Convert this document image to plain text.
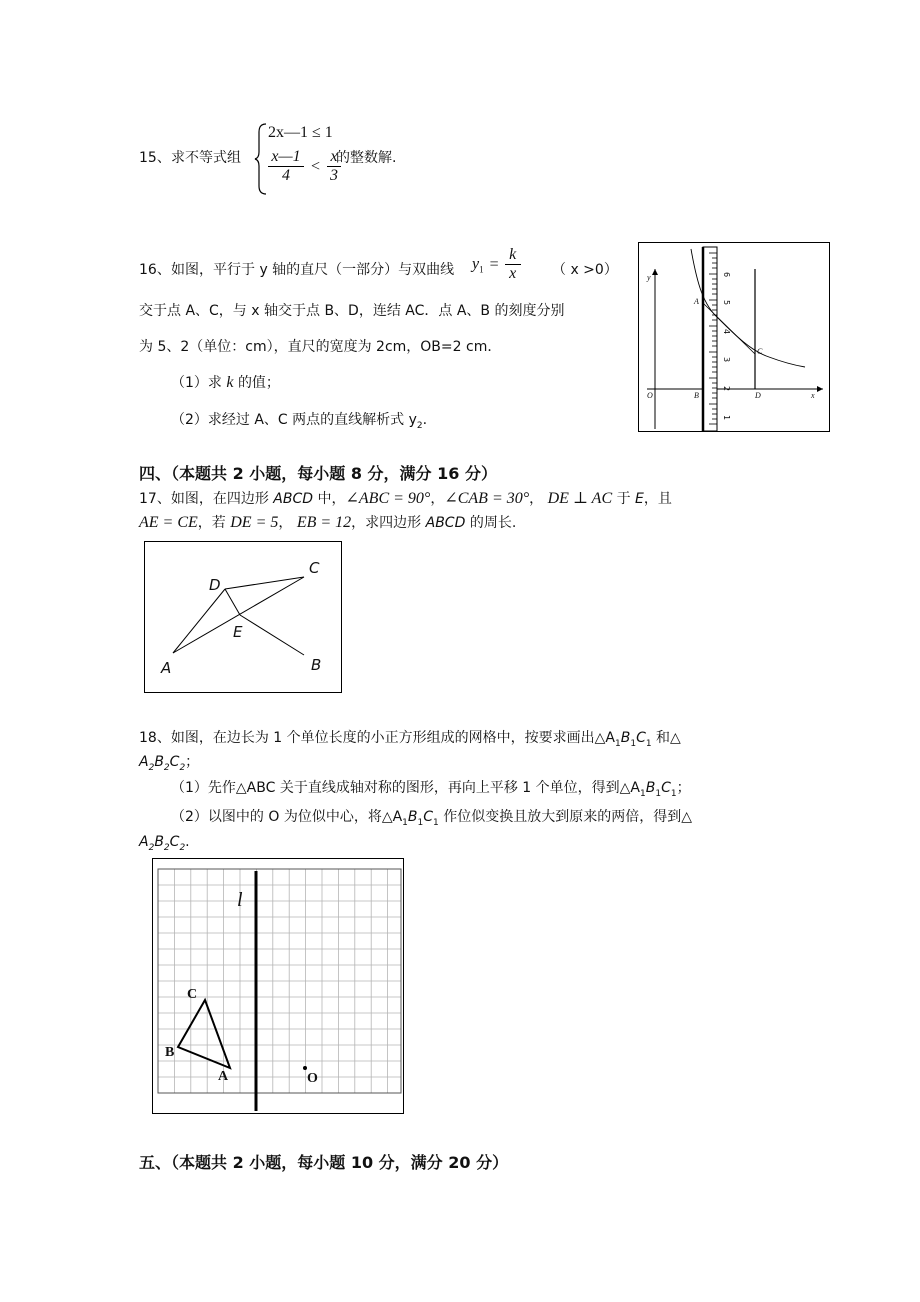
15、 求不等式组
2x—1 ≤ 1
$\frac{x—1}{4} < \frac{x}{3}$
的整数解.
16、 如图，平行于 y 轴的直尺（一部分）与双曲线 $y_1 = \frac{k}{x}$ （ x >0）
交于点 A、C，与 x 轴交于点 B、D，连结 AC．点 A、B 的刻度分别
为 5、2（单位：cm），直尺的宽度为 2cm，OB=2 cm．
（1）求 k 的值；
（2）求经过 A、C 两点的直线解析式 $y_2$.
y
x
O
A
B
C
D
1
2
3
4
5
6
四、（本题共 2 小题，每小题 8 分，满分 16 分）
17、如图，在四边形 ABCD 中，∠ABC = 90°，∠CAB = 30°， DE ⊥ AC 于 E，且
AE = CE，若 DE = 5， EB = 12，求四边形 ABCD 的周长.
A	B
C
D
E
18、如图，在边长为 1 个单位长度的小正方形组成的网格中，按要求画出$\triangle A_1B_1C_1$ 和△
$A_2B_2C_2$；
（1）先作△ABC 关于直线成轴对称的图形，再向上平移 1 个单位，得到$\triangle A_1B_1C_1$；
（2）以图中的 O 为位似中心，将$\triangle A_1B_1C_1$ 作位似变换且放大到原来的两倍，得到△
$A_2B_2C_2$.
l
C
B
A	O
五、（本题共 2 小题，每小题 10 分，满分 20 分）
